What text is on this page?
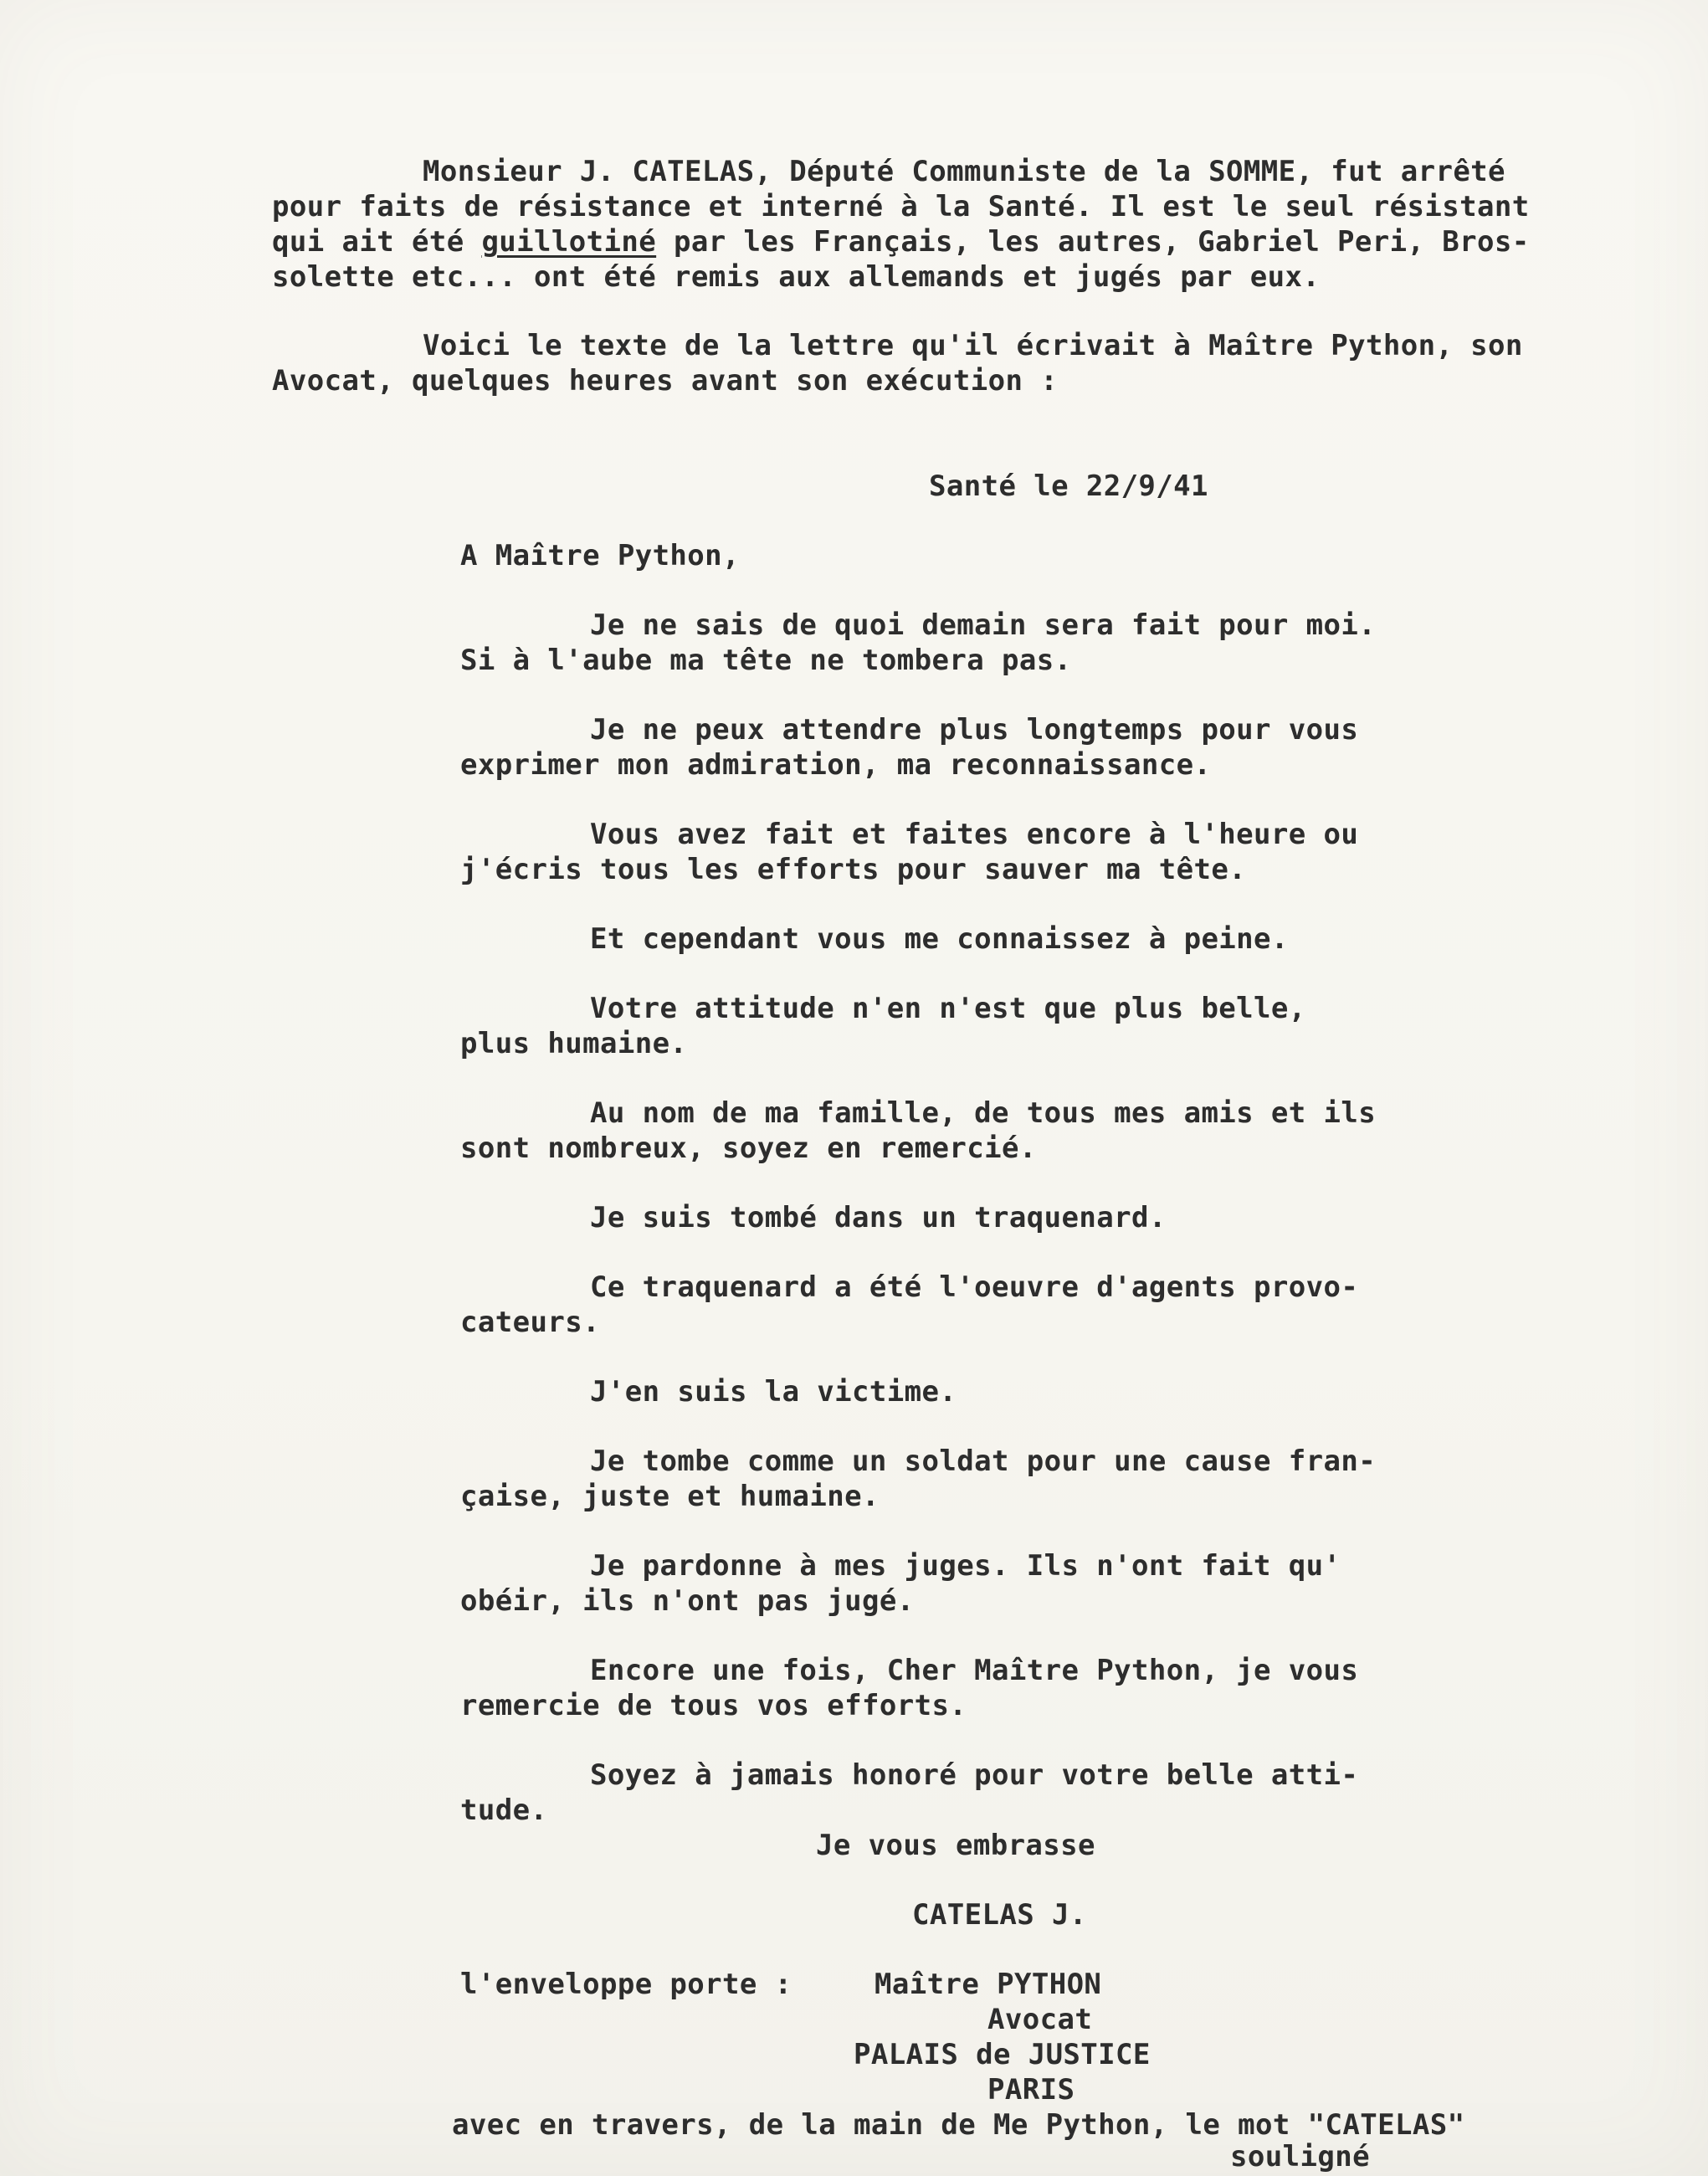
Monsieur J. CATELAS, Député Communiste de la SOMME, fut arrêté
pour faits de résistance et interné à la Santé. Il est le seul résistant
qui ait été guillotiné par les Français, les autres, Gabriel Peri, Bros-
solette etc... ont été remis aux allemands et jugés par eux.
Voici le texte de la lettre qu'il écrivait à Maître Python, son
Avocat, quelques heures avant son exécution :
Santé le 22/9/41
A Maître Python,
Je ne sais de quoi demain sera fait pour moi.
Si à l'aube ma tête ne tombera pas.
Je ne peux attendre plus longtemps pour vous
exprimer mon admiration, ma reconnaissance.
Vous avez fait et faites encore à l'heure ou
j'écris tous les efforts pour sauver ma tête.
Et cependant vous me connaissez à peine.
Votre attitude n'en n'est que plus belle,
plus humaine.
Au nom de ma famille, de tous mes amis et ils
sont nombreux, soyez en remercié.
Je suis tombé dans un traquenard.
Ce traquenard a été l'oeuvre d'agents provo-
cateurs.
J'en suis la victime.
Je tombe comme un soldat pour une cause fran-
çaise, juste et humaine.
Je pardonne à mes juges. Ils n'ont fait qu'
obéir, ils n'ont pas jugé.
Encore une fois, Cher Maître Python, je vous
remercie de tous vos efforts.
Soyez à jamais honoré pour votre belle atti-
tude.
Je vous embrasse
CATELAS J.
l'enveloppe porte :	Maître PYTHON
Avocat
PALAIS de JUSTICE
PARIS
avec en travers, de la main de Me Python, le mot "CATELAS"
souligné
